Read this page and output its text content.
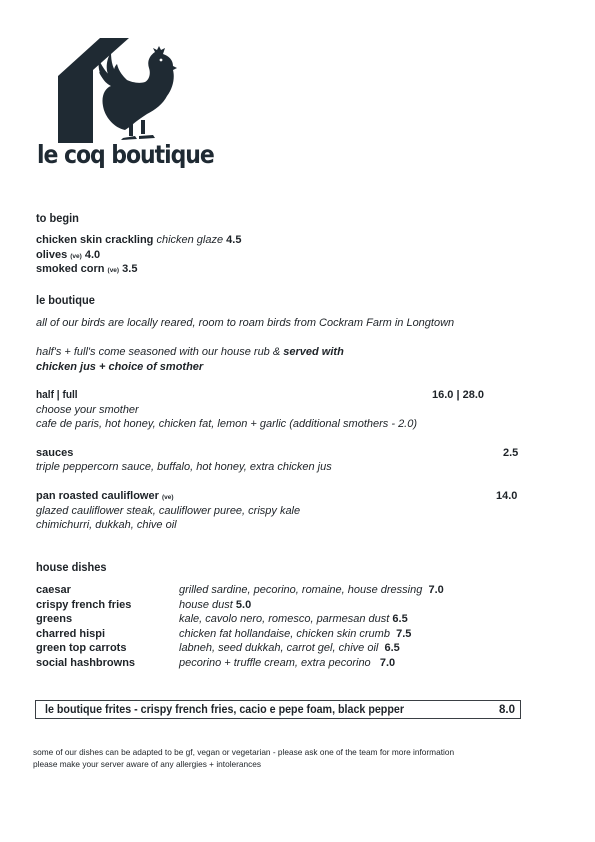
le coq boutique
to begin
chicken skin crackling chicken glaze 4.5
olives (ve) 4.0
smoked corn (ve) 3.5
le boutique
all of our birds are locally reared, room to roam birds from Cockram Farm in Longtown
half's + full's come seasoned with our house rub & served with
chicken jus + choice of smother
half | full	16.0 | 28.0
choose your smother
cafe de paris, hot honey, chicken fat, lemon + garlic (additional smothers - 2.0)
sauces	2.5
triple peppercorn sauce, buffalo, hot honey, extra chicken jus
pan roasted cauliflower (ve)	14.0
glazed cauliflower steak, cauliflower puree, crispy kale
chimichurri, dukkah, chive oil
house dishes
caesar	grilled sardine, pecorino, romaine, house dressing 7.0
crispy french fries	house dust 5.0
greens	kale, cavolo nero, romesco, parmesan dust 6.5
charred hispi	chicken fat hollandaise, chicken skin crumb 7.5
green top carrots	labneh, seed dukkah, carrot gel, chive oil 6.5
social hashbrowns	pecorino + truffle cream, extra pecorino 7.0
le boutique frites - crispy french fries, cacio e pepe foam, black pepper	8.0
some of our dishes can be adapted to be gf, vegan or vegetarian - please ask one of the team for more information
please make your server aware of any allergies + intolerances
